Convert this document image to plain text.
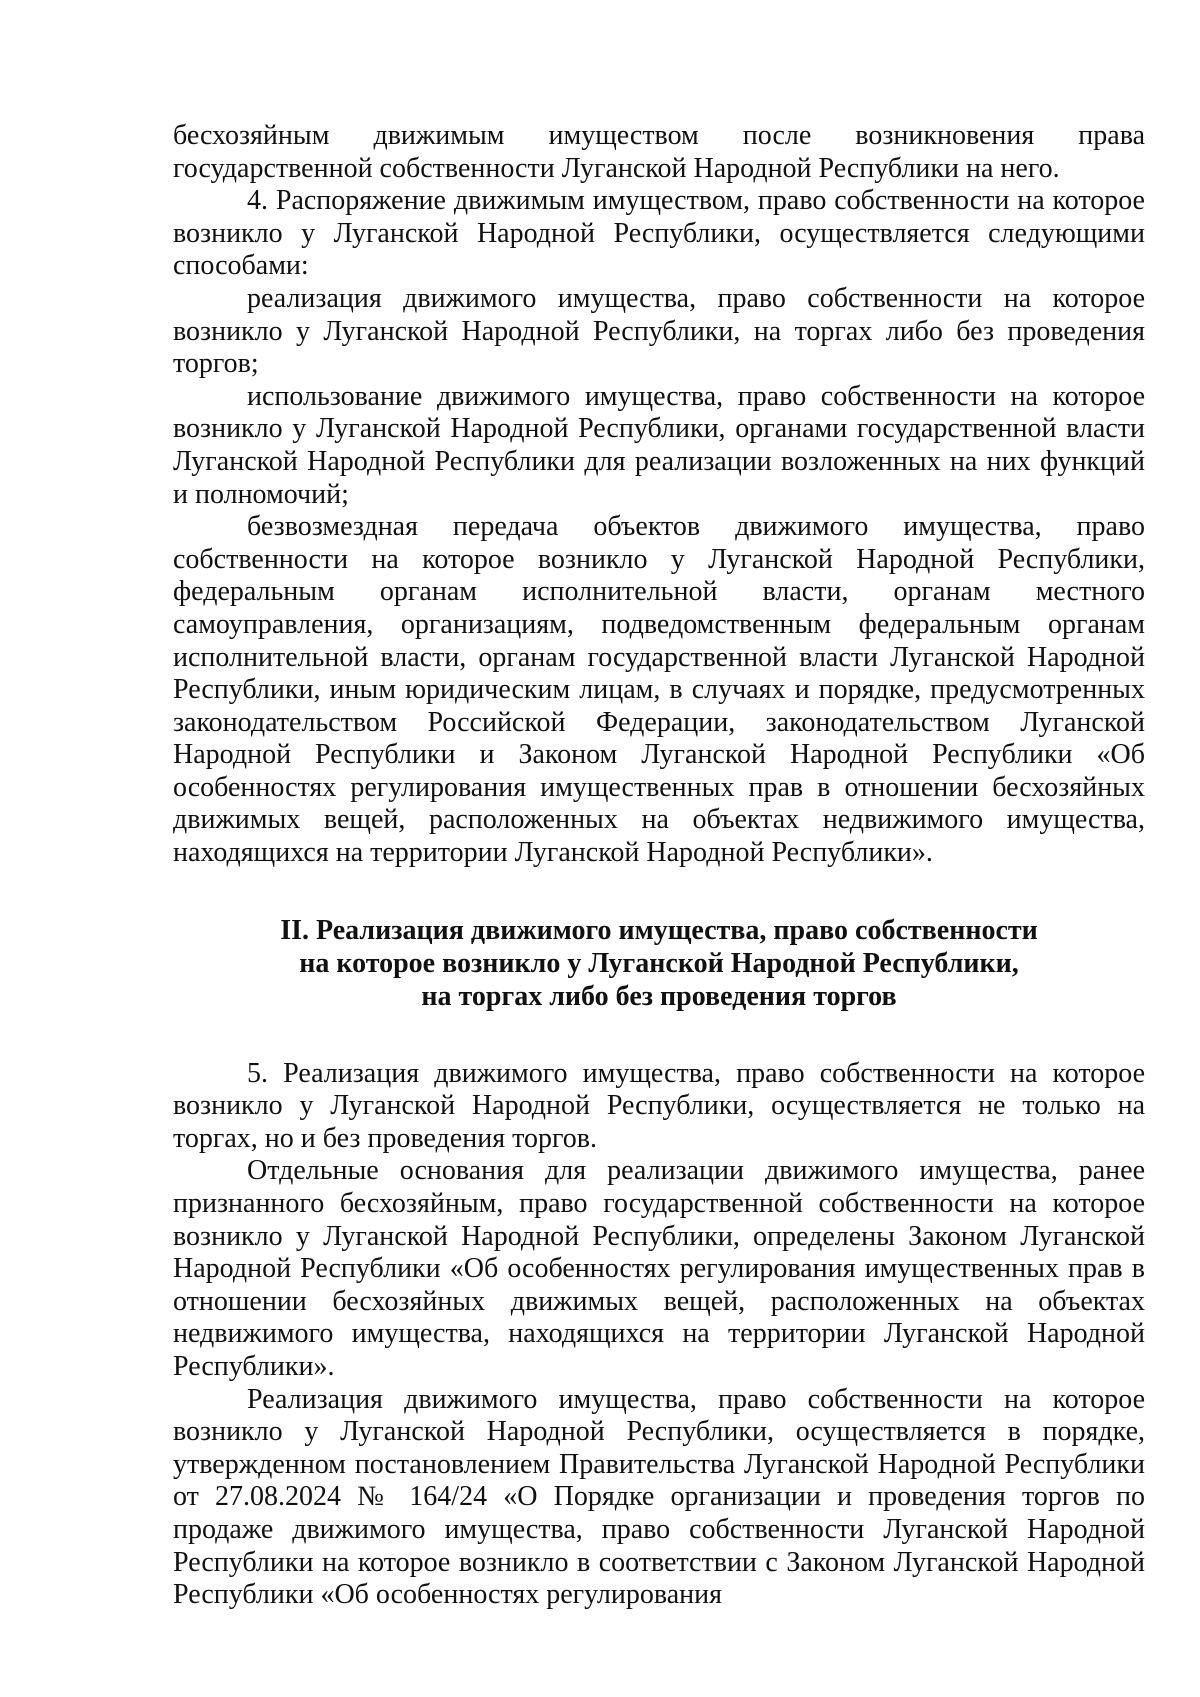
бесхозяйным движимым имуществом после возникновения права государственной собственности Луганской Народной Республики на него.

4. Распоряжение движимым имуществом, право собственности на которое возникло у Луганской Народной Республики, осуществляется следующими способами:

реализация движимого имущества, право собственности на которое возникло у Луганской Народной Республики, на торгах либо без проведения торгов;

использование движимого имущества, право собственности на которое возникло у Луганской Народной Республики, органами государственной власти Луганской Народной Республики для реализации возложенных на них функций и полномочий;

безвозмездная передача объектов движимого имущества, право собственности на которое возникло у Луганской Народной Республики, федеральным органам исполнительной власти, органам местного самоуправления, организациям, подведомственным федеральным органам исполнительной власти, органам государственной власти Луганской Народной Республики, иным юридическим лицам, в случаях и порядке, предусмотренных законодательством Российской Федерации, законодательством Луганской Народной Республики и Законом Луганской Народной Республики «Об особенностях регулирования имущественных прав в отношении бесхозяйных движимых вещей, расположенных на объектах недвижимого имущества, находящихся на территории Луганской Народной Республики».

II. Реализация движимого имущества, право собственности
на которое возникло у Луганской Народной Республики,
на торгах либо без проведения торгов

5. Реализация движимого имущества, право собственности на которое возникло у Луганской Народной Республики, осуществляется не только на торгах, но и без проведения торгов.

Отдельные основания для реализации движимого имущества, ранее признанного бесхозяйным, право государственной собственности на которое возникло у Луганской Народной Республики, определены Законом Луганской Народной Республики «Об особенностях регулирования имущественных прав в отношении бесхозяйных движимых вещей, расположенных на объектах недвижимого имущества, находящихся на территории Луганской Народной Республики».

Реализация движимого имущества, право собственности на которое возникло у Луганской Народной Республики, осуществляется в порядке, утвержденном постановлением Правительства Луганской Народной Республики от 27.08.2024 № 164/24 «О Порядке организации и проведения торгов по продаже движимого имущества, право собственности Луганской Народной Республики на которое возникло в соответствии с Законом Луганской Народной Республики «Об особенностях регулирования
